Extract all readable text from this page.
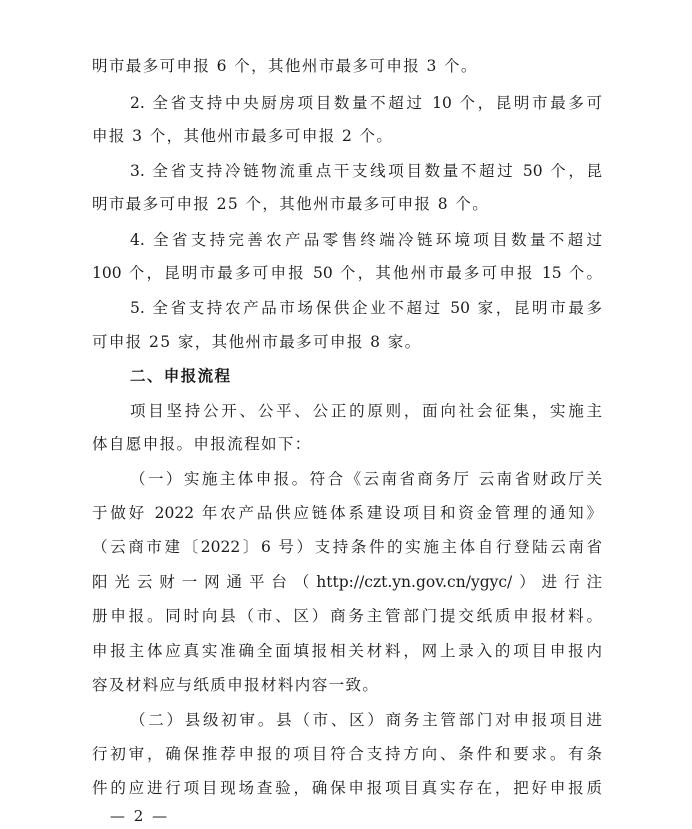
明市最多可申报 6 个，其他州市最多可申报 3 个。
2. 全省支持中央厨房项目数量不超过 10 个，昆明市最多可
申报 3 个，其他州市最多可申报 2 个。
3. 全省支持冷链物流重点干支线项目数量不超过 50 个，昆
明市最多可申报 25 个，其他州市最多可申报 8 个。
4. 全省支持完善农产品零售终端冷链环境项目数量不超过
100 个，昆明市最多可申报 50 个，其他州市最多可申报 15 个。
5. 全省支持农产品市场保供企业不超过 50 家，昆明市最多
可申报 25 家，其他州市最多可申报 8 家。
二、申报流程
项目坚持公开、公平、公正的原则，面向社会征集，实施主
体自愿申报。申报流程如下：
（一）实施主体申报。符合《云南省商务厅 云南省财政厅关
于做好 2022 年农产品供应链体系建设项目和资金管理的通知》
（云商市建〔2022〕6 号）支持条件的实施主体自行登陆云南省
阳光云财一网通平台（http://czt.yn.gov.cn/ygyc/）进行注
册申报。同时向县（市、区）商务主管部门提交纸质申报材料。
申报主体应真实准确全面填报相关材料，网上录入的项目申报内
容及材料应与纸质申报材料内容一致。
（二）县级初审。县（市、区）商务主管部门对申报项目进
行初审，确保推荐申报的项目符合支持方向、条件和要求。有条
件的应进行项目现场查验，确保申报项目真实存在，把好申报质
— 2 —
